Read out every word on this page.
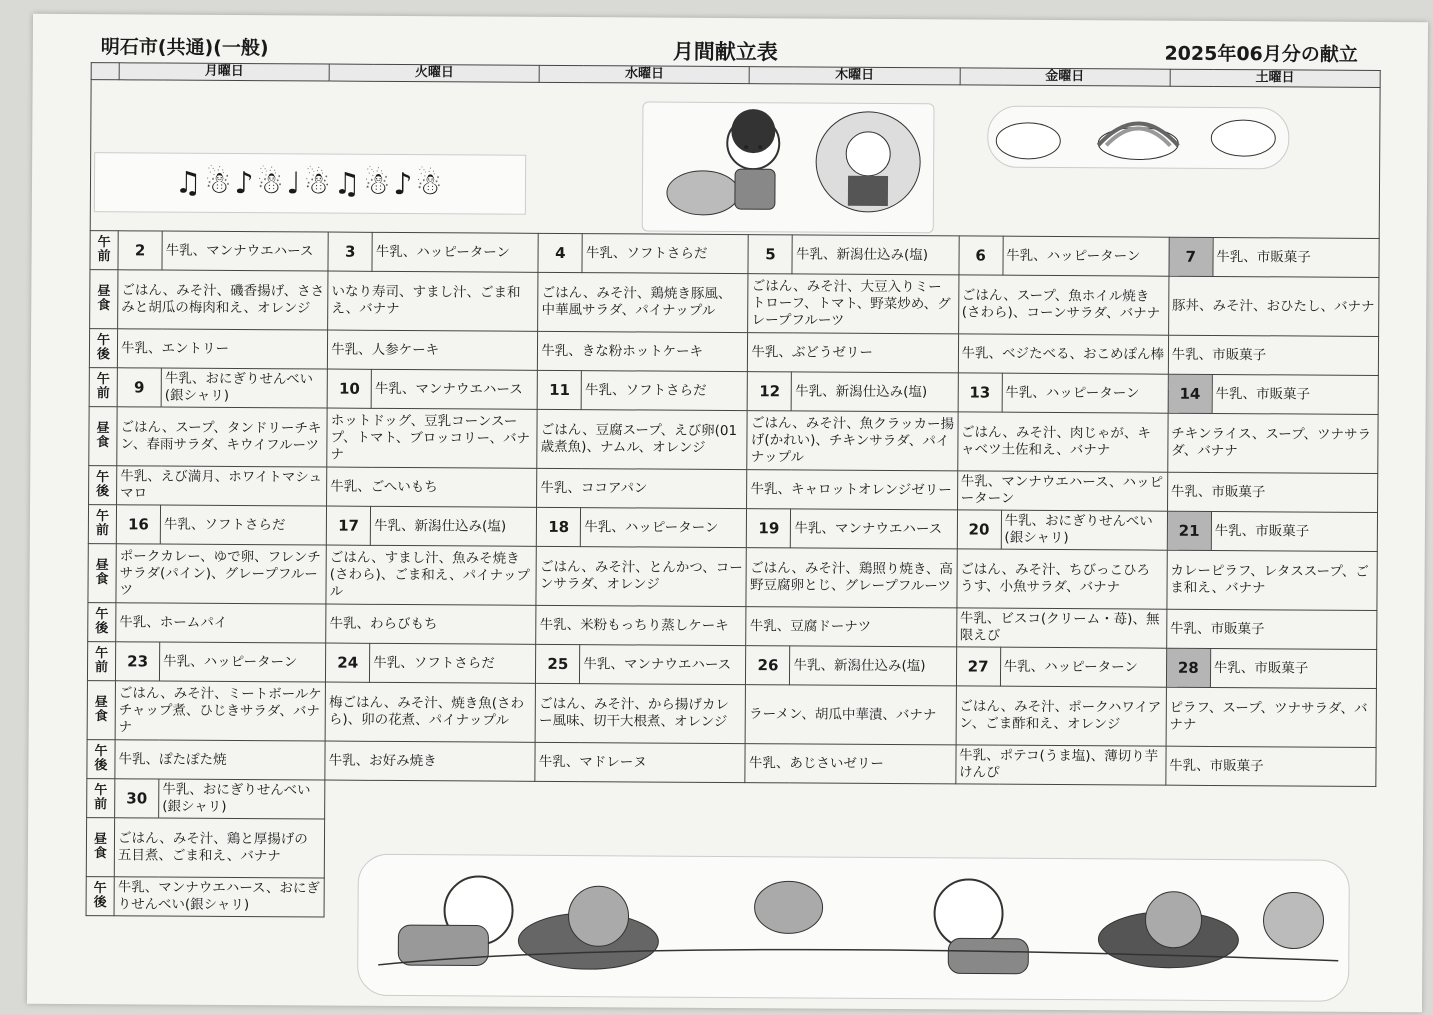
明石市(共通)(一般)	月間献立表	2025年06月分の献立
	月曜日		火曜日		水曜日		木曜日		金曜日		土曜日	

午前	2	牛乳、マンナウエハース	3	牛乳、ハッピーターン	4	牛乳、ソフトさらだ	5	牛乳、新潟仕込み(塩)	6	牛乳、ハッピーターン	7	牛乳、市販菓子
昼食	ごはん、みそ汁、磯香揚げ、ささみと胡瓜の梅肉和え、オレンジ		いなり寿司、すまし汁、ごま和え、バナナ		ごはん、みそ汁、鶏焼き豚風、中華風サラダ、パイナップル		ごはん、みそ汁、大豆入りミートローフ、トマト、野菜炒め、グレープフルーツ		ごはん、スープ、魚ホイル焼き(さわら)、コーンサラダ、バナナ		豚丼、みそ汁、おひたし、バナナ	
午後	牛乳、エントリー		牛乳、人参ケーキ		牛乳、きな粉ホットケーキ		牛乳、ぶどうゼリー		牛乳、ベジたべる、おこめぽん棒		牛乳、市販菓子	
午前	9	牛乳、おにぎりせんべい(銀シャリ)	10	牛乳、マンナウエハース	11	牛乳、ソフトさらだ	12	牛乳、新潟仕込み(塩)	13	牛乳、ハッピーターン	14	牛乳、市販菓子
昼食	ごはん、スープ、タンドリーチキン、春雨サラダ、キウイフルーツ		ホットドッグ、豆乳コーンスープ、トマト、ブロッコリー、バナナ		ごはん、豆腐スープ、えび卵(01歳煮魚)、ナムル、オレンジ		ごはん、みそ汁、魚クラッカー揚げ(かれい)、チキンサラダ、パイナップル		ごはん、みそ汁、肉じゃが、キャベツ土佐和え、バナナ		チキンライス、スープ、ツナサラダ、バナナ	
午後	牛乳、えび満月、ホワイトマシュマロ		牛乳、ごへいもち		牛乳、ココアパン		牛乳、キャロットオレンジゼリー		牛乳、マンナウエハース、ハッピーターン		牛乳、市販菓子	
午前	16	牛乳、ソフトさらだ	17	牛乳、新潟仕込み(塩)	18	牛乳、ハッピーターン	19	牛乳、マンナウエハース	20	牛乳、おにぎりせんべい(銀シャリ)	21	牛乳、市販菓子
昼食	ポークカレー、ゆで卵、フレンチサラダ(パイン)、グレープフルーツ		ごはん、すまし汁、魚みそ焼き(さわら)、ごま和え、パイナップル		ごはん、みそ汁、とんかつ、コーンサラダ、オレンジ		ごはん、みそ汁、鶏照り焼き、高野豆腐卵とじ、グレープフルーツ		ごはん、みそ汁、ちびっこひろうす、小魚サラダ、バナナ		カレーピラフ、レタススープ、ごま和え、バナナ	
午後	牛乳、ホームパイ		牛乳、わらびもち		牛乳、米粉もっちり蒸しケーキ		牛乳、豆腐ドーナツ		牛乳、ビスコ(クリーム・苺)、無限えび		牛乳、市販菓子	
午前	23	牛乳、ハッピーターン	24	牛乳、ソフトさらだ	25	牛乳、マンナウエハース	26	牛乳、新潟仕込み(塩)	27	牛乳、ハッピーターン	28	牛乳、市販菓子
昼食	ごはん、みそ汁、ミートボールケチャップ煮、ひじきサラダ、バナナ		梅ごはん、みそ汁、焼き魚(さわら)、卯の花煮、パイナップル		ごはん、みそ汁、から揚げカレー風味、切干大根煮、オレンジ		ラーメン、胡瓜中華漬、バナナ		ごはん、みそ汁、ポークハワイアン、ごま酢和え、オレンジ		ピラフ、スープ、ツナサラダ、バナナ	
午後	牛乳、ぽたぽた焼		牛乳、お好み焼き		牛乳、マドレーヌ		牛乳、あじさいゼリー		牛乳、ポテコ(うま塩)、薄切り芋けんぴ		牛乳、市販菓子	
午前	30	牛乳、おにぎりせんべい(銀シャリ)										
昼食	ごはん、みそ汁、鶏と厚揚げの五目煮、ごま和え、バナナ											
午後	牛乳、マンナウエハース、おにぎりせんべい(銀シャリ)											
♫☃♪☃♩☃♫☃♪☃
